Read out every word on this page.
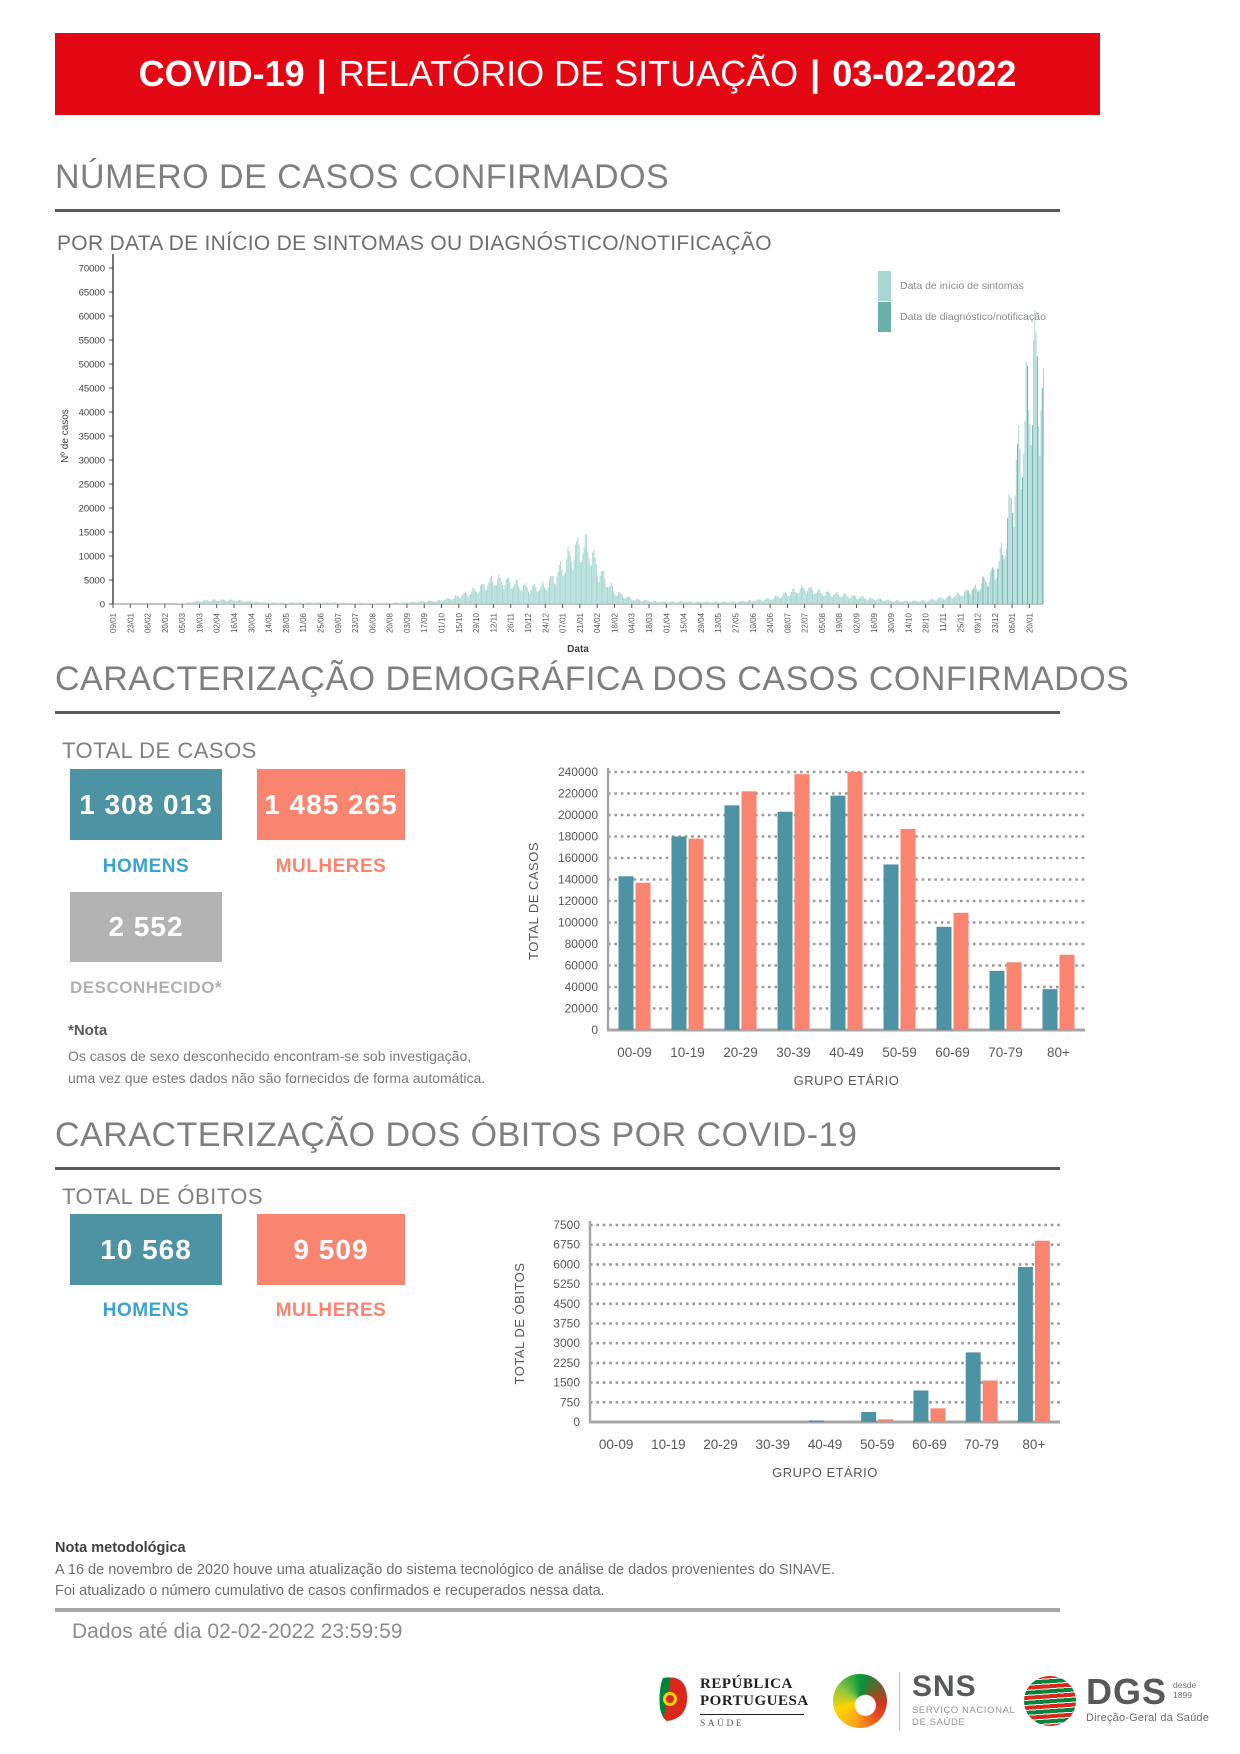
COVID-19 | RELATÓRIO DE SITUAÇÃO | 03-02-2022
NÚMERO DE CASOS CONFIRMADOS
POR DATA DE INÍCIO DE SINTOMAS OU DIAGNÓSTICO/NOTIFICAÇÃO
0
5000
10000
15000
20000
25000
30000
35000
40000
45000
50000
55000
60000
65000
70000
Nº de casos
09/01 23/01 06/02 20/02 05/03 19/03 02/04 16/04 30/04 14/05 28/05 11/06 25/06 09/07 23/07 06/08 20/08 03/09 17/09 01/10 15/10 29/10 12/11 26/11 10/12 24/12 07/01 21/01 04/02 18/02 04/03 18/03 01/04 15/04 29/04 13/05 27/05 10/06 24/06 08/07 22/07 05/08 19/08 02/09 16/09 30/09 14/10 28/10 11/11 25/11 09/12 23/12 06/01 20/01
Data
Data de início de sintomas
Data de diagnóstico/notificação
CARACTERIZAÇÃO DEMOGRÁFICA DOS CASOS CONFIRMADOS
TOTAL DE CASOS
1 308 013
HOMENS
1 485 265
MULHERES
2 552
DESCONHECIDO*
*Nota
Os casos de sexo desconhecido encontram-se sob investigação,
uma vez que estes dados não são fornecidos de forma automática.
0
20000
40000
60000
80000
100000
120000
140000
160000
180000
200000
220000
240000
00-09 10-19 20-29 30-39 40-49 50-59 60-69 70-79 80+
TOTAL DE CASOS
GRUPO ETÁRIO
CARACTERIZAÇÃO DOS ÓBITOS POR COVID-19
TOTAL DE ÓBITOS
10 568
HOMENS
9 509
MULHERES
0
750
1500
2250
3000
3750
4500
5250
6000
6750
7500
00-09 10-19 20-29 30-39 40-49 50-59 60-69 70-79 80+
TOTAL DE ÓBITOS
GRUPO ETÁRIO
Nota metodológica
A 16 de novembro de 2020 houve uma atualização do sistema tecnológico de análise de dados provenientes do SINAVE.
Foi atualizado o número cumulativo de casos confirmados e recuperados nessa data.
Dados até dia 02-02-2022 23:59:59
REPÚBLICA
PORTUGUESA
SAÚDE
SNS
SERVIÇO NACIONAL
DE SAÚDE
DGS desde
1899
Direção-Geral da Saúde
